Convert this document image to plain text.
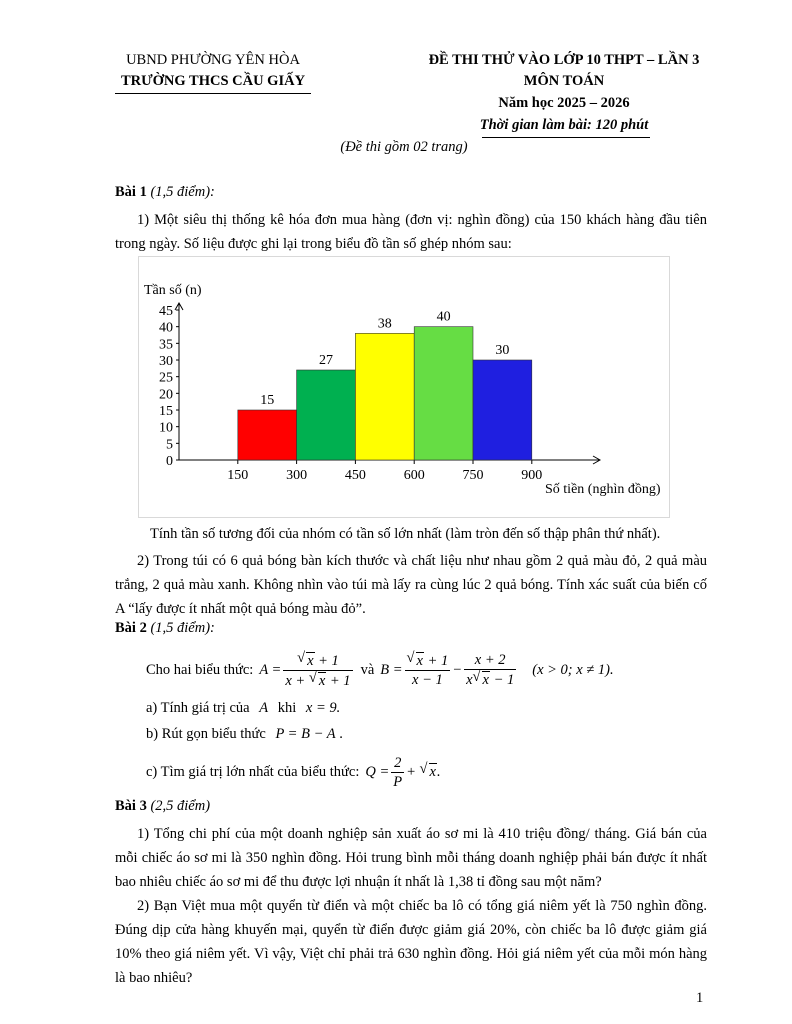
UBND PHƯỜNG YÊN HÒA
TRƯỜNG THCS CẦU GIẤY
ĐỀ THI THỬ VÀO LỚP 10 THPT – LẦN 3
MÔN TOÁN
Năm học 2025 – 2026
Thời gian làm bài: 120 phút
(Đề thi gồm 02 trang)
Bài 1 (1,5 điểm):
1) Một siêu thị thống kê hóa đơn mua hàng (đơn vị: nghìn đồng) của 150 khách hàng đầu tiên trong ngày. Số liệu được ghi lại trong biểu đồ tần số ghép nhóm sau:
Tần số (n)
Số tiền (nghìn đồng)
0
5
10
15
20
25
30
35
40
45
150	300	450	600	750	900
15
27
38	40
30
Tính tần số tương đối của nhóm có tần số lớn nhất (làm tròn đến số thập phân thứ nhất).
2) Trong túi có 6 quả bóng bàn kích thước và chất liệu như nhau gồm 2 quả màu đỏ, 2 quả màu trắng, 2 quả màu xanh. Không nhìn vào túi mà lấy ra cùng lúc 2 quả bóng. Tính xác suất của biến cố A “lấy được ít nhất một quả bóng màu đỏ”.
Bài 2 (1,5 điểm):
Cho hai biểu thức: $A = \frac{√ x + 1}{x + √ x + 1}$ và $B = \frac{√ x + 1}{x - 1} - \frac{x + 2}{x √ x - 1} (x > 0$; x ≠ 1).
a) Tính giá trị của A khi x = 9.
b) Rút gọn biểu thức P = B − A .
c) Tìm giá trị lớn nhất của biểu thức: $Q = \frac{2}{P}$ + √ x.
Bài 3 (2,5 điểm)
1) Tổng chi phí của một doanh nghiệp sản xuất áo sơ mi là 410 triệu đồng/ tháng. Giá bán của mỗi chiếc áo sơ mi là 350 nghìn đồng. Hỏi trung bình mỗi tháng doanh nghiệp phải bán được ít nhất bao nhiêu chiếc áo sơ mi để thu được lợi nhuận ít nhất là 1,38 tỉ đồng sau một năm?
2) Bạn Việt mua một quyển từ điển và một chiếc ba lô có tổng giá niêm yết là 750 nghìn đồng. Đúng dịp cửa hàng khuyến mại, quyển từ điển được giảm giá 20%, còn chiếc ba lô được giảm giá 10% theo giá niêm yết. Vì vậy, Việt chỉ phải trả 630 nghìn đồng. Hỏi giá niêm yết của mỗi món hàng là bao nhiêu?
1
